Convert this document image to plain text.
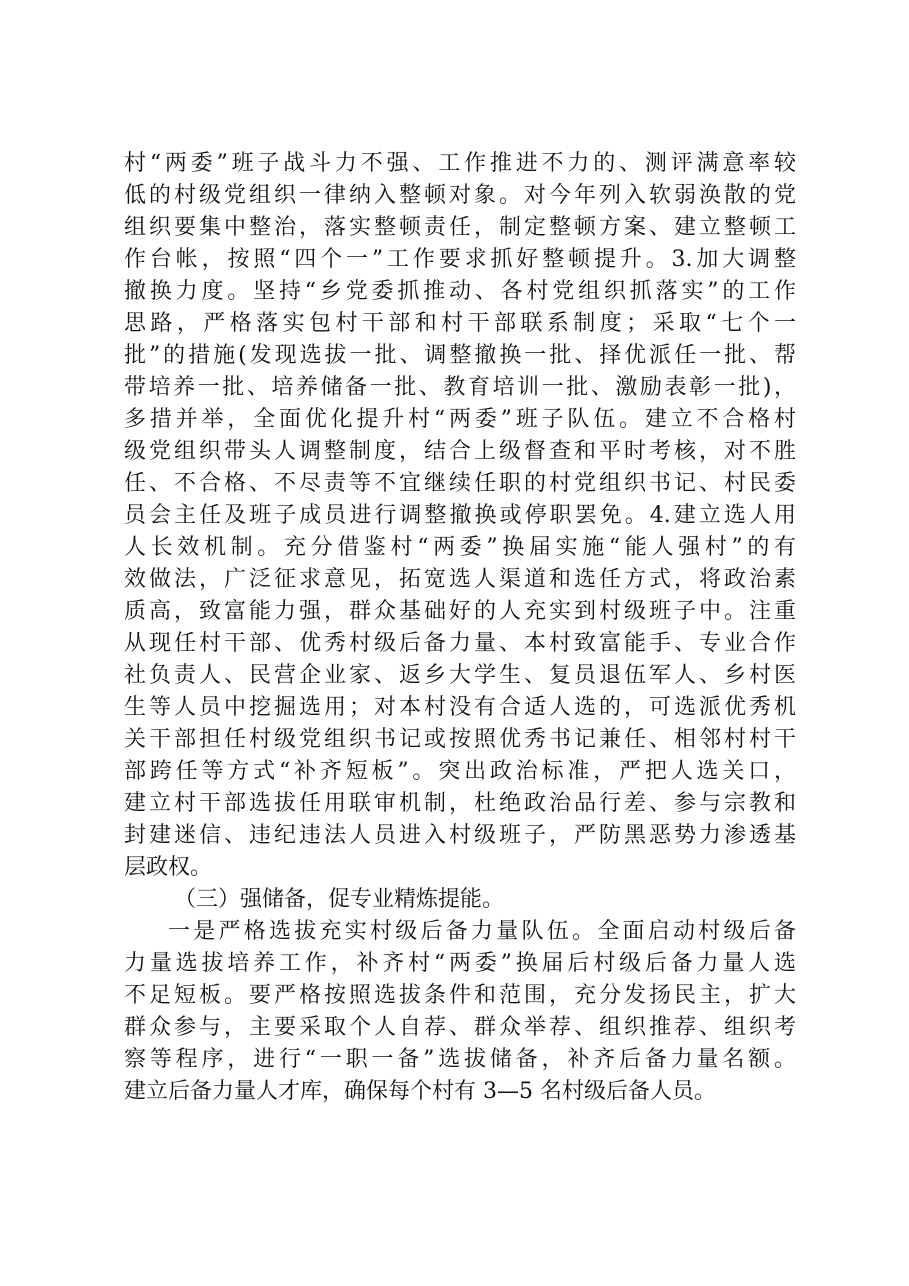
村“两委”班子战斗力不强、工作推进不力的、测评满意率较
低的村级党组织一律纳入整顿对象。对今年列入软弱涣散的党
组织要集中整治，落实整顿责任，制定整顿方案、建立整顿工
作台帐，按照“四个一”工作要求抓好整顿提升。3.加大调整
撤换力度。坚持“乡党委抓推动、各村党组织抓落实”的工作
思路，严格落实包村干部和村干部联系制度；采取“七个一
批”的措施(发现选拔一批、调整撤换一批、择优派任一批、帮
带培养一批、培养储备一批、教育培训一批、激励表彰一批)，
多措并举，全面优化提升村“两委”班子队伍。建立不合格村
级党组织带头人调整制度，结合上级督查和平时考核，对不胜
任、不合格、不尽责等不宜继续任职的村党组织书记、村民委
员会主任及班子成员进行调整撤换或停职罢免。4.建立选人用
人长效机制。充分借鉴村“两委”换届实施“能人强村”的有
效做法，广泛征求意见，拓宽选人渠道和选任方式，将政治素
质高，致富能力强，群众基础好的人充实到村级班子中。注重
从现任村干部、优秀村级后备力量、本村致富能手、专业合作
社负责人、民营企业家、返乡大学生、复员退伍军人、乡村医
生等人员中挖掘选用；对本村没有合适人选的，可选派优秀机
关干部担任村级党组织书记或按照优秀书记兼任、相邻村村干
部跨任等方式“补齐短板”。突出政治标准，严把人选关口，
建立村干部选拔任用联审机制，杜绝政治品行差、参与宗教和
封建迷信、违纪违法人员进入村级班子，严防黑恶势力渗透基
层政权。
（三）强储备，促专业精炼提能。
一是严格选拔充实村级后备力量队伍。全面启动村级后备
力量选拔培养工作，补齐村“两委”换届后村级后备力量人选
不足短板。要严格按照选拔条件和范围，充分发扬民主，扩大
群众参与，主要采取个人自荐、群众举荐、组织推荐、组织考
察等程序，进行“一职一备”选拔储备，补齐后备力量名额。
建立后备力量人才库，确保每个村有 3—5 名村级后备人员。
